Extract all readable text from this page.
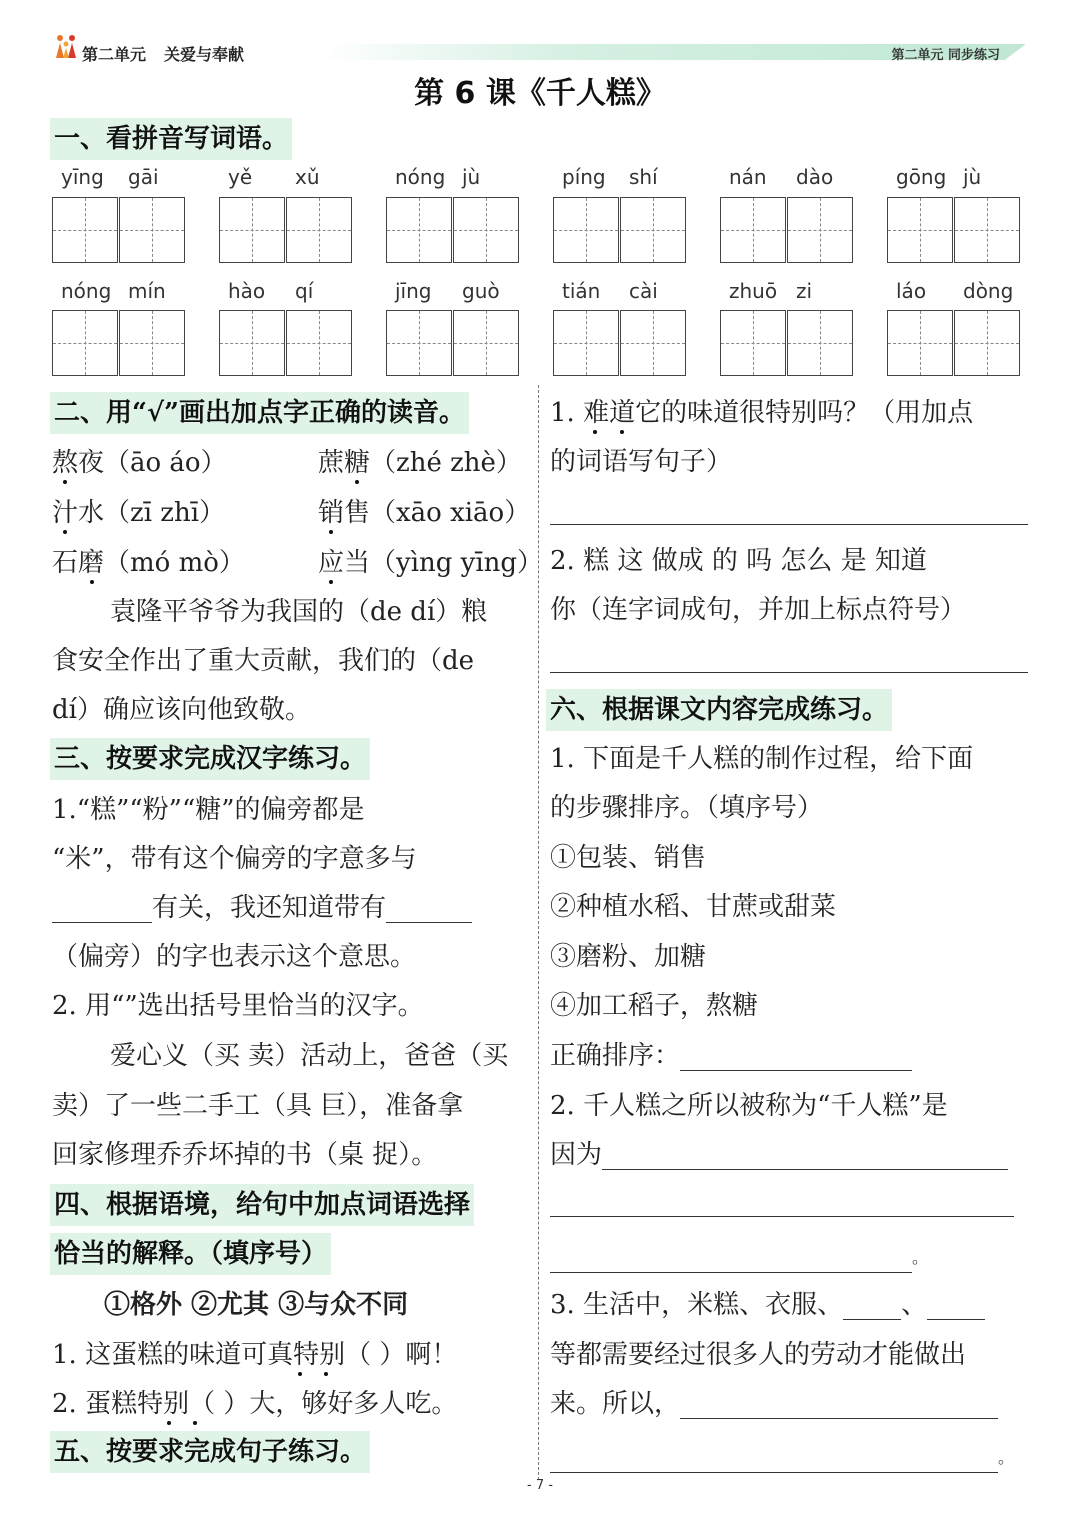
第二单元 关爱与奉献	第二单元 同步练习
第 6 课《千人糕》
一、看拼音写词语。
yīng gāi	yě xǔ	nóng jù	píng shí	nán dào	gōng jù
nóng mín	hào qí	jīng guò	tián cài	zhuō zi	láo dòng
二、用“√”画出加点字正确的读音。
熬夜（āo áo）	蔗糖（zhé zhè）
汁水（zī zhī）	销售（xāo xiāo）
石磨（mó mò）	应当（yìng yīng）
袁隆平爷爷为我国的（de dí）粮
食安全作出了重大贡献，我们的（de
dí）确应该向他致敬。
三、按要求完成汉字练习。
1.“糕”“粉”“糖”的偏旁都是
“米”，带有这个偏旁的字意多与
有关，我还知道带有
（偏旁）的字也表示这个意思。
2. 用“”选出括号里恰当的汉字。
爱心义（买 卖）活动上，爸爸（买
卖）了一些二手工（具 巨），准备拿
回家修理乔乔坏掉的书（桌 捉）。
四、根据语境，给句中加点词语选择
恰当的解释。（填序号）
①格外 ②尤其 ③与众不同
1. 这蛋糕的味道可真特别（ ）啊！
2. 蛋糕特别（ ）大，够好多人吃。
五、按要求完成句子练习。
1. 难道它的味道很特别吗？（用加点
的词语写句子）
2. 糕 这 做成 的 吗 怎么 是 知道
你（连字词成句，并加上标点符号）
六、根据课文内容完成练习。
1. 下面是千人糕的制作过程，给下面
的步骤排序。（填序号）
①包装、销售
②种植水稻、甘蔗或甜菜
③磨粉、加糖
④加工稻子，熬糖
正确排序：
2. 千人糕之所以被称为“千人糕”是
因为
。
3. 生活中，米糕、衣服、 、
等都需要经过很多人的劳动才能做出
来。所以，
。
- 7 -
